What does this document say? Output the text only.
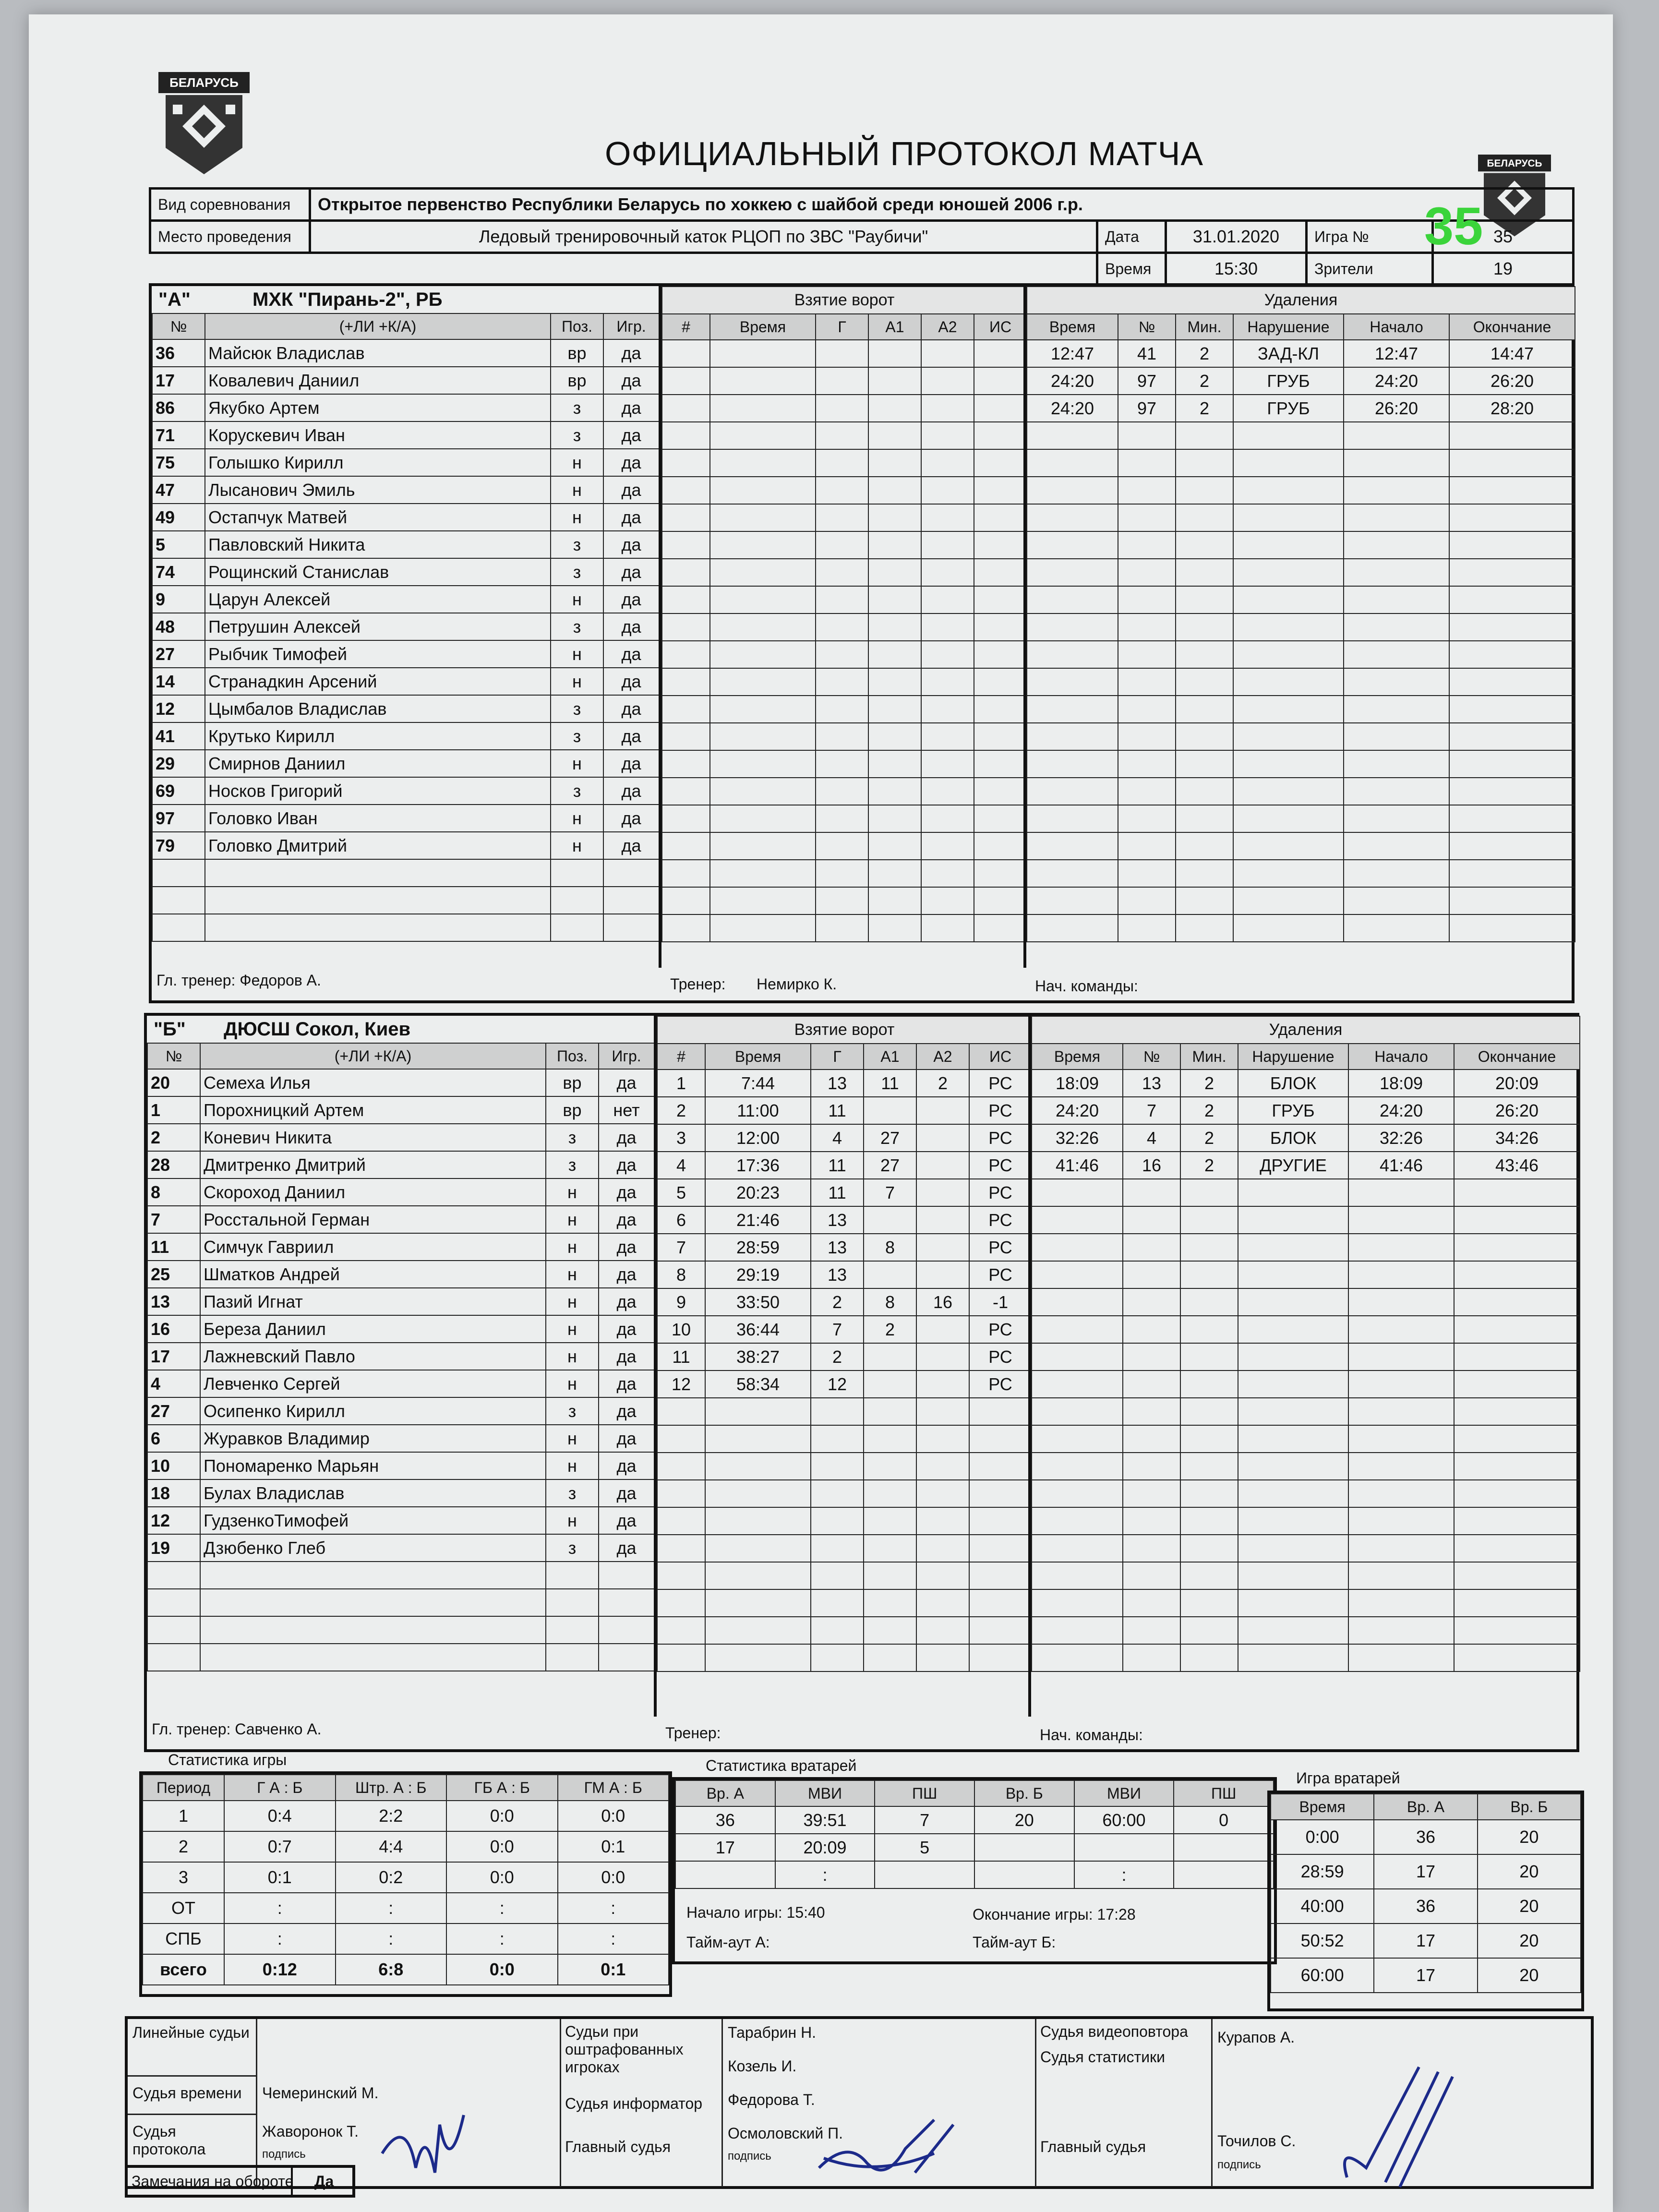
БЕЛАРУСЬ
БЕЛАРУСЬ
ОФИЦИАЛЬНЫЙ ПРОТОКОЛ МАТЧА
Вид соревнования	Открытое первенство Республики Беларусь по хоккею с шайбой среди юношей 2006 г.р.				
Место проведения	Ледовый тренировочный каток РЦОП по ЗВС "Раубичи"	Дата	31.01.2020	Игра №	35
35

		Время	15:30	Зрители	19
"А"	МХК "Пирань-2", РБ
№	(+ЛИ +К/А)	Поз.	Игр.
36	Майсюк Владислав	вр	да
17	Ковалевич Даниил	вр	да
86	Якубко Артем	з	да
71	Корускевич Иван	з	да
75	Голышко Кирилл	н	да
47	Лысанович Эмиль	н	да
49	Остапчук Матвей	н	да
5	Павловский Никита	з	да
74	Рощинский Станислав	з	да
9	Царун Алексей	н	да
48	Петрушин Алексей	з	да
27	Рыбчик Тимофей	н	да
14	Странадкин Арсений	н	да
12	Цымбалов Владислав	з	да
41	Крутько Кирилл	з	да
29	Смирнов Даниил	н	да
69	Носков Григорий	з	да
97	Головко Иван	н	да
79	Головко Дмитрий	н	да

Взятие ворот					
#	Время	Г	А1	А2	ИС

Удаления					
Время	№	Мин.	Нарушение	Начало	Окончание
12:47	41	2	ЗАД-КЛ	12:47	14:47
24:20	97	2	ГРУБ	24:20	26:20
24:20	97	2	ГРУБ	26:20	28:20

Гл. тренер: Федоров А.	Тренер: Немирко К.	Нач. команды:
"Б" ДЮСШ Сокол, Киев
№	(+ЛИ +К/А)	Поз.	Игр.
20	Семеха Илья	вр	да
1	Порохницкий Артем	вр	нет
2	Коневич Никита	з	да
28	Дмитренко Дмитрий	з	да
8	Скороход Даниил	н	да
7	Росстальной Герман	н	да
11	Симчук Гавриил	н	да
25	Шматков Андрей	н	да
13	Пазий Игнат	н	да
16	Береза Даниил	н	да
17	Лажневский Павло	н	да
4	Левченко Сергей	н	да
27	Осипенко Кирилл	з	да
6	Журавков Владимир	н	да
10	Пономаренко Марьян	н	да
18	Булах Владислав	з	да
12	ГудзенкоТимофей	н	да
19	Дзюбенко Глеб	з	да

Взятие ворот					
#	Время	Г	А1	А2	ИС
1	7:44	13	11	2	РС
2	11:00	11			РС
3	12:00	4	27		РС
4	17:36	11	27		РС
5	20:23	11	7		РС
6	21:46	13			РС
7	28:59	13	8		РС
8	29:19	13			РС
9	33:50	2	8	16	-1
10	36:44	7	2		РС
11	38:27	2			РС
12	58:34	12			РС

Удаления					
Время	№	Мин.	Нарушение	Начало	Окончание
18:09	13	2	БЛОК	18:09	20:09
24:20	7	2	ГРУБ	24:20	26:20
32:26	4	2	БЛОК	32:26	34:26
41:46	16	2	ДРУГИЕ	41:46	43:46

Гл. тренер: Савченко А.	Тренер:	Нач. команды:
Статистика игры
Период	Г А : Б	Штр. А : Б	ГБ А : Б	ГМ А : Б
1	0:4	2:2	0:0	0:0
2	0:7	4:4	0:0	0:1
3	0:1	0:2	0:0	0:0
ОТ	:	:	:	:
СПБ	:	:	:	:
всего	0:12	6:8	0:0	0:1
Статистика вратарей
Вр. А	МВИ	ПШ	Вр. Б	МВИ	ПШ
36	39:51	7	20	60:00	0
17	20:09	5			
	:			:	
Начало игры: 15:40	Окончание игры: 17:28
Тайм-аут А:	Тайм-аут Б:
Игра вратарей
Время	Вр. А	Вр. Б
0:00	36	20
28:59	17	20
40:00	36	20
50:52	17	20
60:00	17	20
Линейные судьи
Судья времени	Чемеринский М.
Судья протокола
Жаворонок Т.
подпись
Судьи при оштрафованных игроках
Судья информатор
Главный судья
Тарабрин Н.
Козель И.
Федорова Т.
Осмоловский П.
подпись
Судья видеоповтора
Судья статистики
Главный судья
Курапов А.
Точилов С.
подпись
Замечания на обороте	Да
